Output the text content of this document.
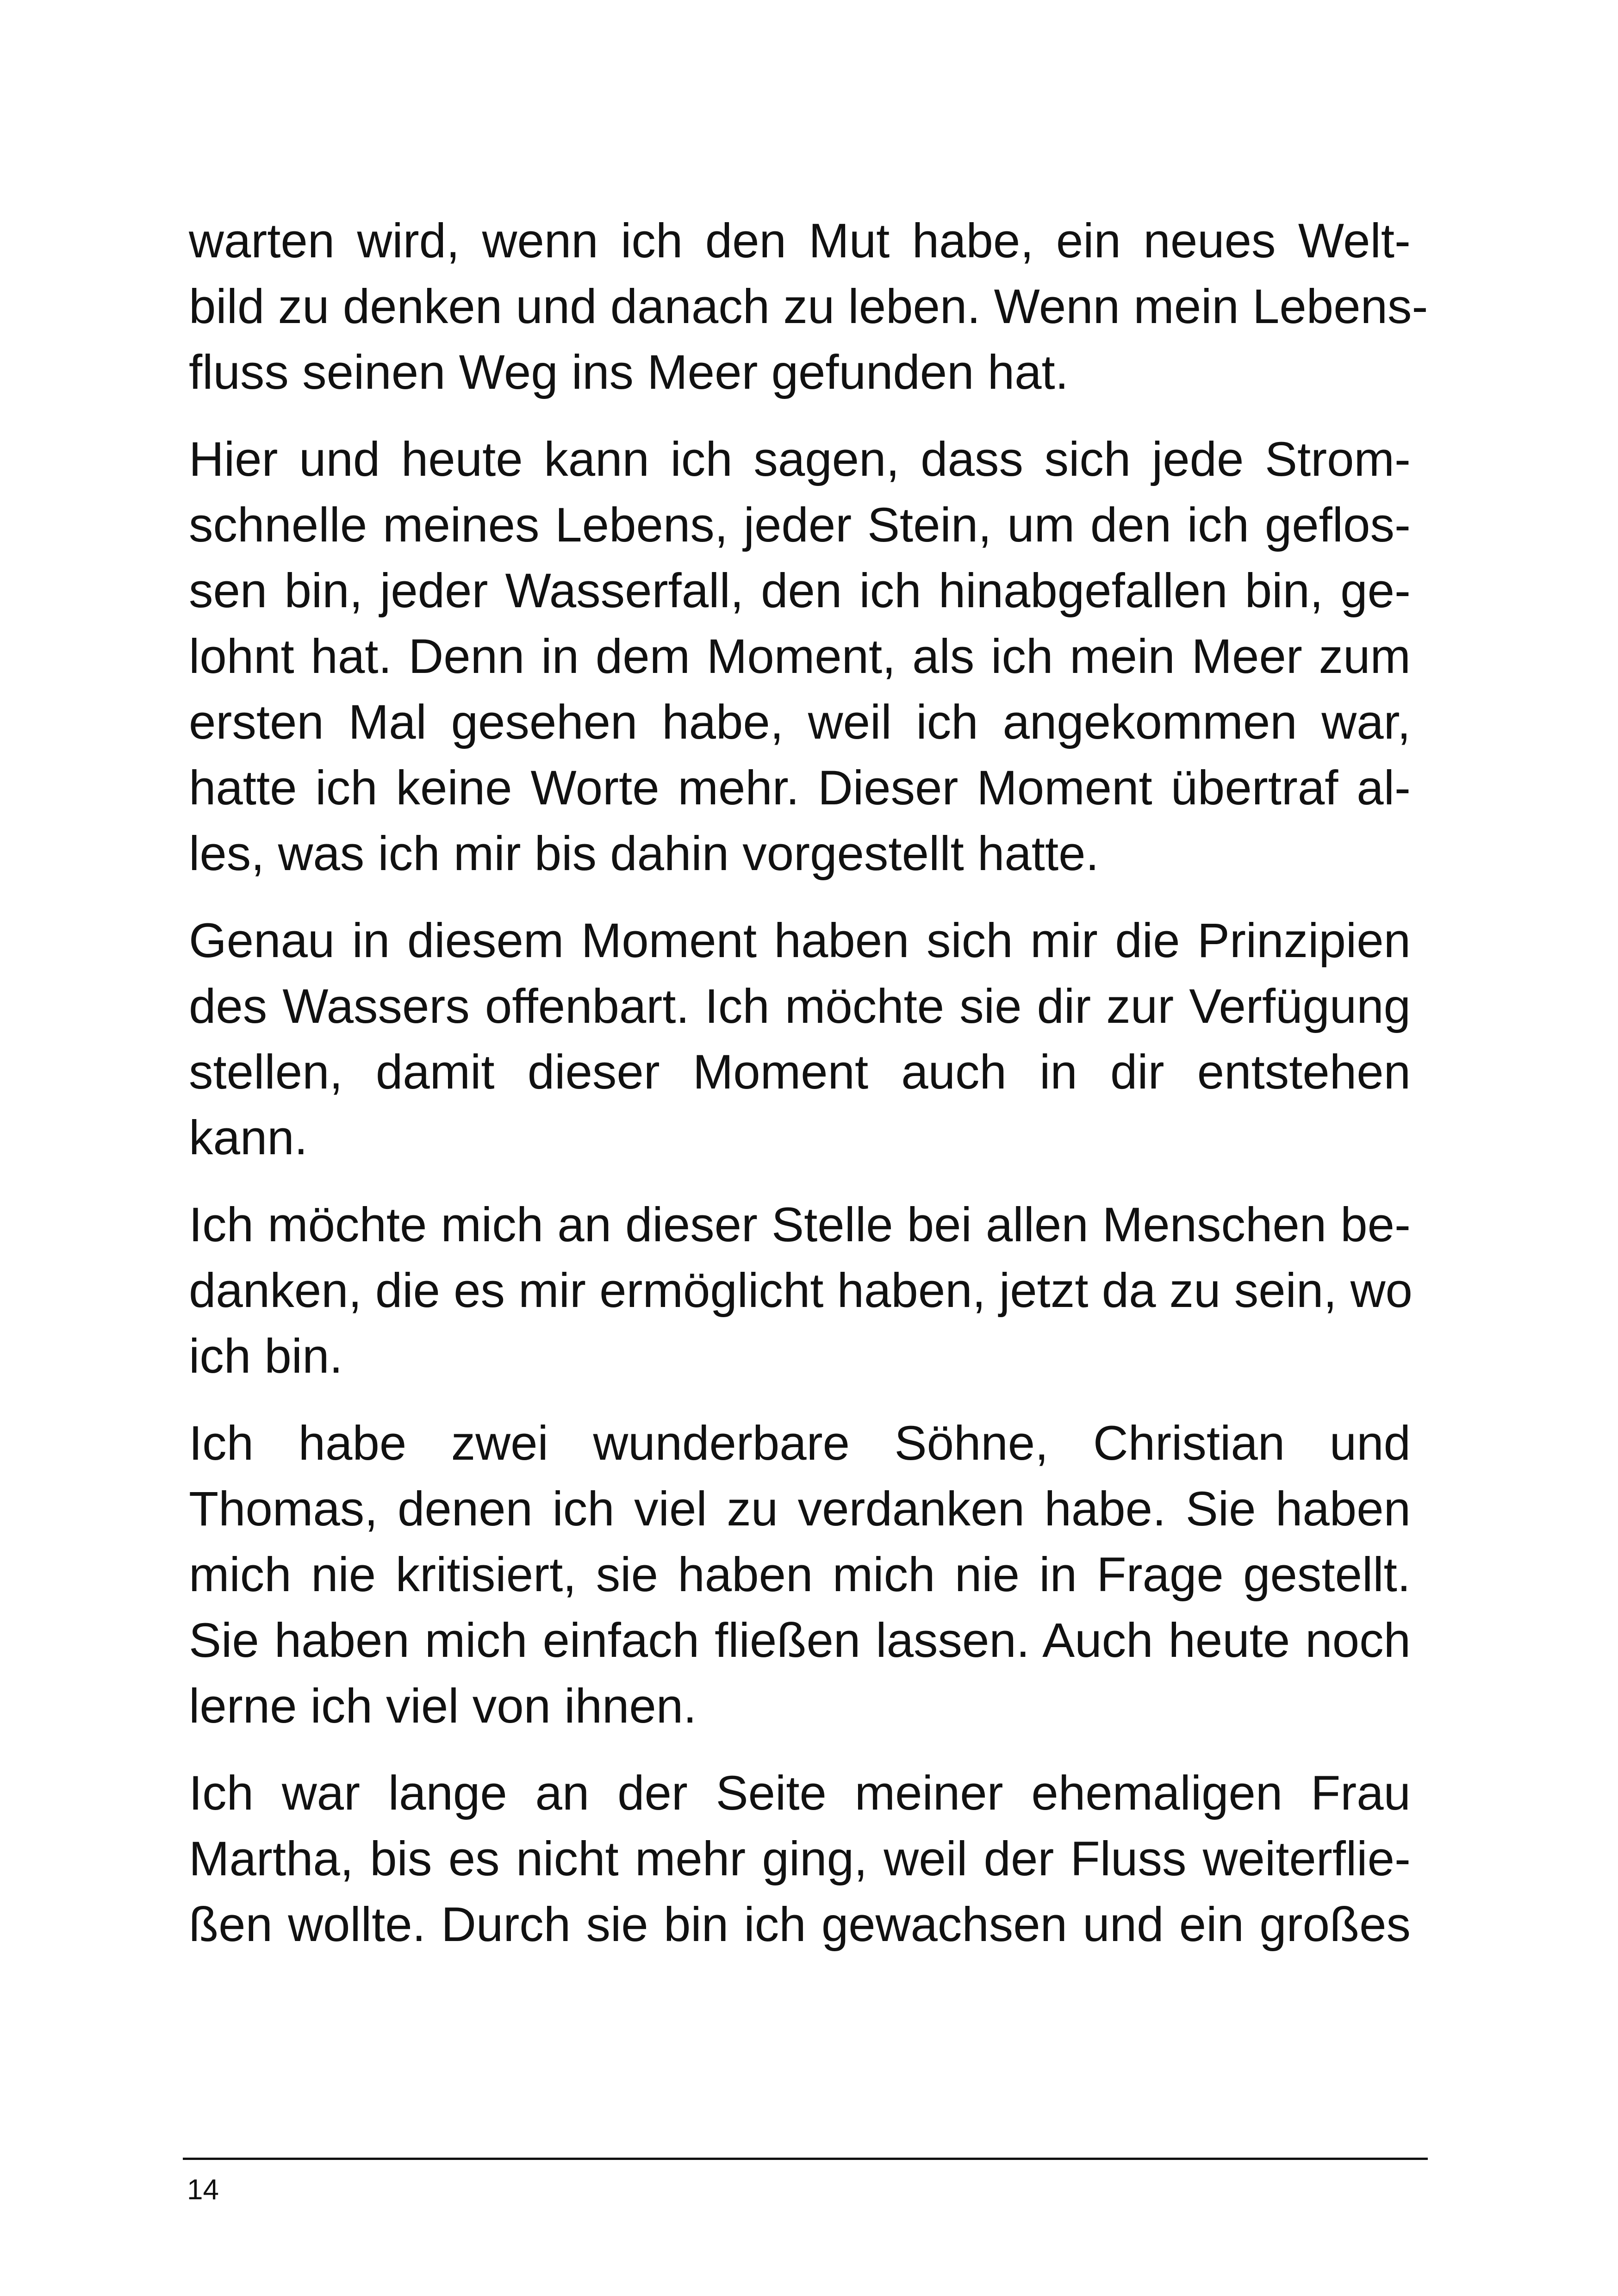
warten wird, wenn ich den Mut habe, ein neues Welt-
bild zu denken und danach zu leben. Wenn mein Lebens-
fluss seinen Weg ins Meer gefunden hat.

Hier und heute kann ich sagen, dass sich jede Strom-
schnelle meines Lebens, jeder Stein, um den ich geflos-
sen bin, jeder Wasserfall, den ich hinabgefallen bin, ge-
lohnt hat. Denn in dem Moment, als ich mein Meer zum
ersten Mal gesehen habe, weil ich angekommen war,
hatte ich keine Worte mehr. Dieser Moment übertraf al-
les, was ich mir bis dahin vorgestellt hatte.

Genau in diesem Moment haben sich mir die Prinzipien
des Wassers offenbart. Ich möchte sie dir zur Verfügung
stellen, damit dieser Moment auch in dir entstehen
kann.

Ich möchte mich an dieser Stelle bei allen Menschen be-
danken, die es mir ermöglicht haben, jetzt da zu sein, wo
ich bin.

Ich habe zwei wunderbare Söhne, Christian und
Thomas, denen ich viel zu verdanken habe. Sie haben
mich nie kritisiert, sie haben mich nie in Frage gestellt.
Sie haben mich einfach fließen lassen. Auch heute noch
lerne ich viel von ihnen.

Ich war lange an der Seite meiner ehemaligen Frau
Martha, bis es nicht mehr ging, weil der Fluss weiterflie-
ßen wollte. Durch sie bin ich gewachsen und ein großes

14
